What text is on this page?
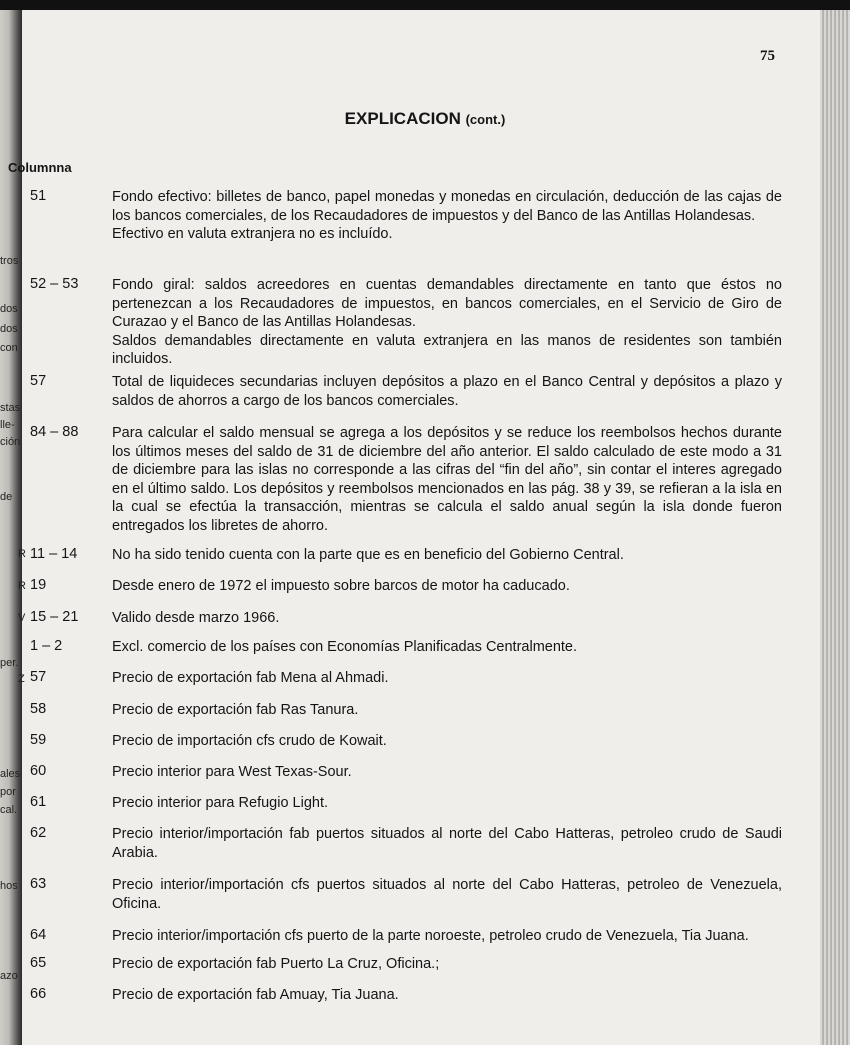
tros
dos
dos
con
stas
lle-
ción
de
per.
ales
por
cal.
hos
azo
R
R
V
Z
75
EXPLICACION (cont.)
Columnna
51	Fondo efectivo: billetes de banco, papel monedas y monedas en circulación, deducción de las cajas de los bancos comerciales, de los Recaudadores de impuestos y del Banco de las Antillas Holandesas.

Efectivo en valuta extranjera no es incluído.

52 – 53	Fondo giral: saldos acreedores en cuentas demandables directamente en tanto que éstos no pertenezcan a los Recaudadores de impuestos, en bancos comerciales, en el Servicio de Giro de Curazao y el Banco de las Antillas Holandesas.

Saldos demandables directamente en valuta extranjera en las manos de residentes son también incluidos.

57	Total de liquideces secundarias incluyen depósitos a plazo en el Banco Central y depósitos a plazo y saldos de ahorros a cargo de los bancos comerciales.

84 – 88	Para calcular el saldo mensual se agrega a los depósitos y se reduce los reembolsos hechos durante los últimos meses del saldo de 31 de diciembre del año anterior. El saldo calculado de este modo a 31 de diciembre para las islas no corresponde a las cifras del “fin del año”, sin contar el interes agregado en el último saldo. Los depósitos y reembolsos mencionados en las pág. 38 y 39, se refieran a la isla en la cual se efectúa la transacción, mientras se calcula el saldo anual según la isla donde fueron entregados los libretes de ahorro.

11 – 14	No ha sido tenido cuenta con la parte que es en beneficio del Gobierno Central.

19	Desde enero de 1972 el impuesto sobre barcos de motor ha caducado.

15 – 21	Valido desde marzo 1966.

1 – 2	Excl. comercio de los países con Economías Planificadas Centralmente.

57	Precio de exportación fab Mena al Ahmadi.

58	Precio de exportación fab Ras Tanura.

59	Precio de importación cfs crudo de Kowait.

60	Precio interior para West Texas-Sour.

61	Precio interior para Refugio Light.

62	Precio interior/importación fab puertos situados al norte del Cabo Hatteras, petroleo crudo de Saudi Arabia.

63	Precio interior/importación cfs puertos situados al norte del Cabo Hatteras, petroleo de Venezuela, Oficina.

64	Precio interior/importación cfs puerto de la parte noroeste, petroleo crudo de Venezuela, Tia Juana.

65	Precio de exportación fab Puerto La Cruz, Oficina.;

66	Precio de exportación fab Amuay, Tia Juana.
